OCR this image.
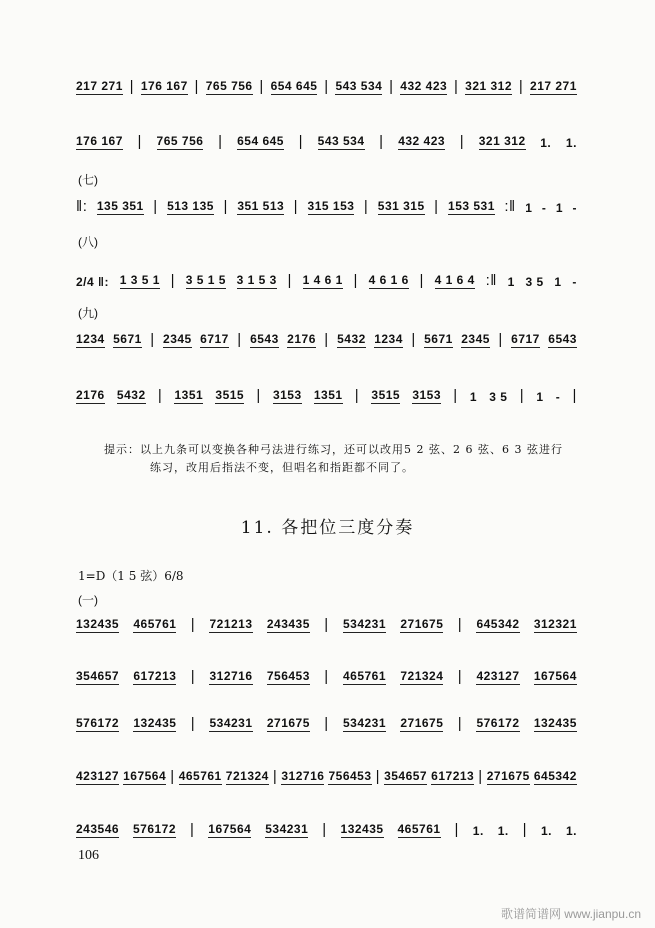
217 271 | 176 167 | 765 756 | 654 645 | 543 534 | 432 423 | 321 312 | 217 271
176 167 | 765 756 | 654 645 | 543 534 | 432 423 | 321 312 1. 1.
(七)
‖: 135 351 | 513 135 | 351 513 | 315 153 | 531 315 | 153 531 :‖ 1 - 1 -
(八)
2/4 ‖: 1 3 5 1 | 3 5 1 5 3 1 5 3 | 1 4 6 1 | 4 6 1 6 | 4 1 6 4 :‖ 1 3 5 1 -
(九)
1234 5671 | 2345 6717 | 6543 2176 | 5432 1234 | 5671 2345 | 6717 6543
2176 5432 | 1351 3515 | 3153 1351 | 3515 3153 | 1 3 5 | 1 - |
提示：以上九条可以变换各种弓法进行练习，还可以改用5 2 弦、2 6 弦、6 3 弦进行
练习，改用后指法不变，但唱名和指距都不同了。
11. 各把位三度分奏
1=D（1 5 弦）6/8
(一)
132435 465761 | 721213 243435 | 534231 271675 | 645342 312321
354657 617213 | 312716 756453 | 465761 721324 | 423127 167564
576172 132435 | 534231 271675 | 534231 271675 | 576172 132435
423127 167564 | 465761 721324 | 312716 756453 | 354657 617213 | 271675 645342
243546 576172 | 167564 534231 | 132435 465761 | 1. 1. | 1. 1.
106
歌谱简谱网 www.jianpu.cn
